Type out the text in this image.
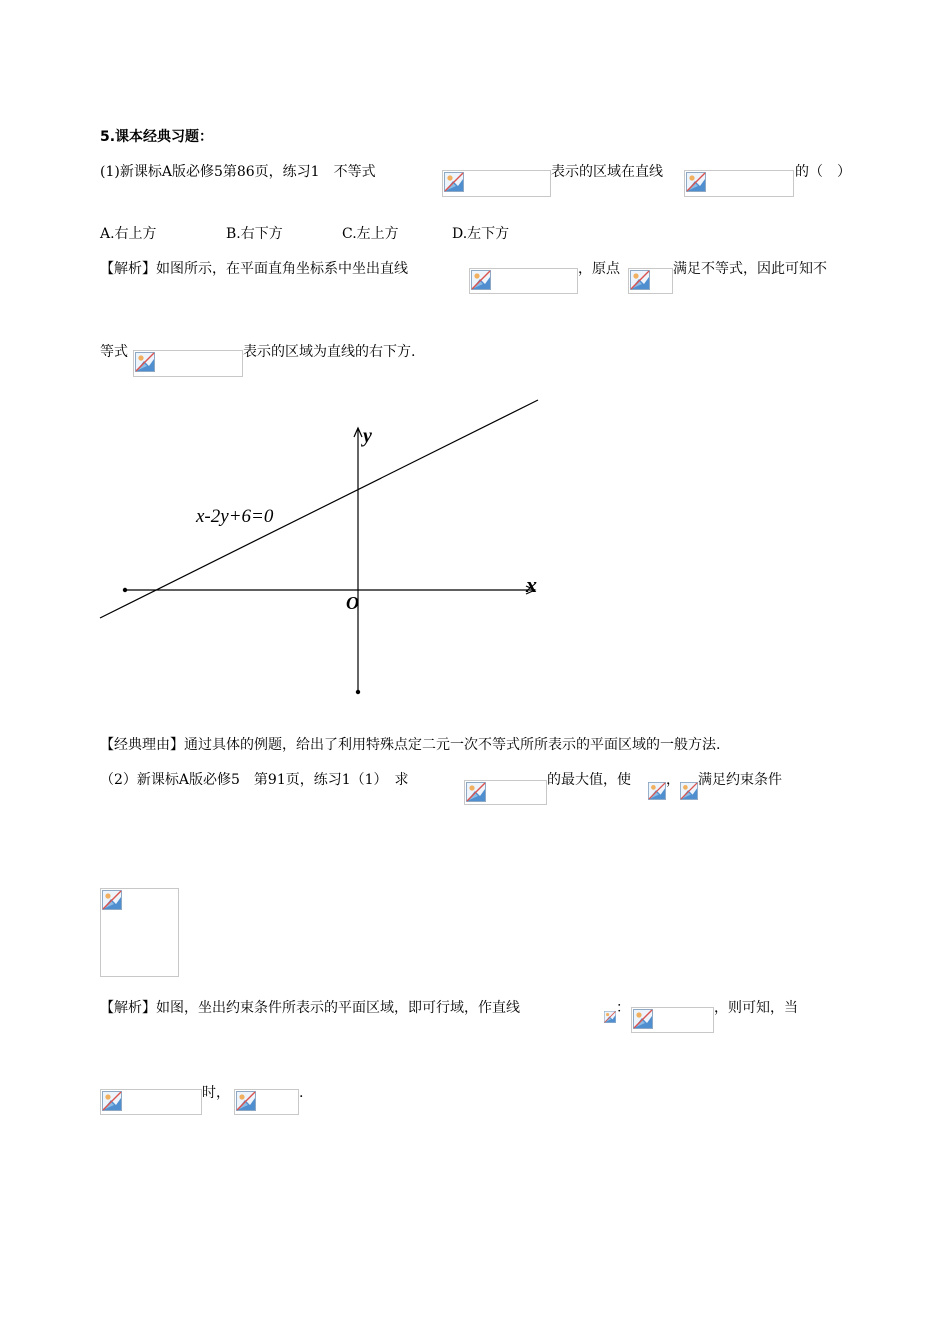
5.课本经典习题：
(1)新课标A版必修5第86页，练习1　不等式	表示的区域在直线	的（　）
A.右上方	B.右下方	C.左上方	D.左下方
【解析】如图所示，在平面直角坐标系中坐出直线	，原点	满足不等式，因此可知不
等式	表示的区域为直线的右下方.
y
x
O
x-2y+6=0
【经典理由】通过具体的例题，给出了利用特殊点定二元一次不等式所所表示的平面区域的一般方法.
（2）新课标A版必修5　第91页，练习1（1）　求	的最大值，使	， 满足约束条件
【解析】如图，坐出约束条件所表示的平面区域，即可行域，作直线	：	，则可知，当
时，	.
